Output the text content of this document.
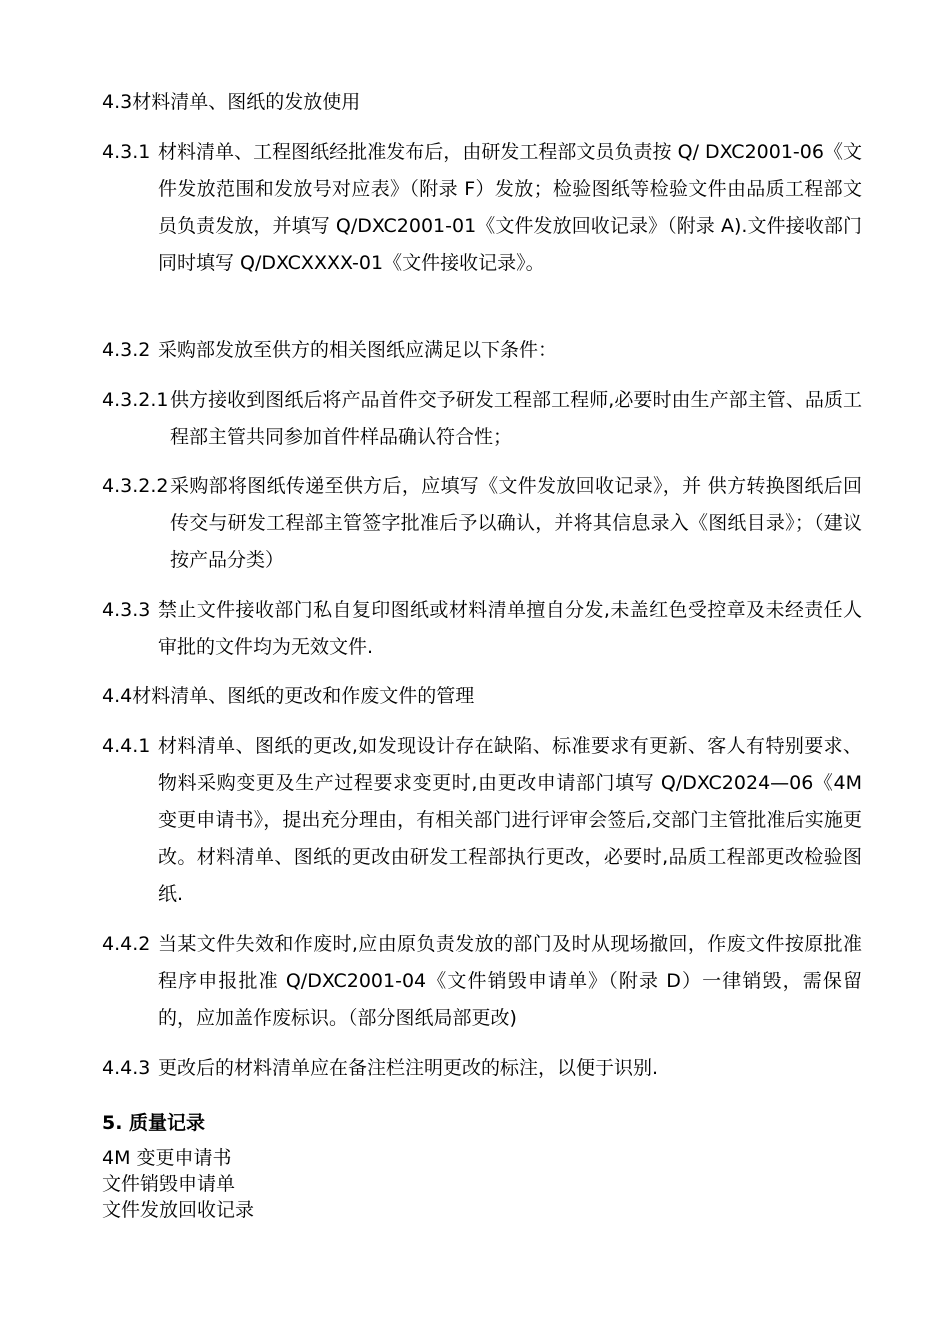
4.3材料清单、图纸的发放使用
4.3.1 材料清单、工程图纸经批准发布后，由研发工程部文员负责按 Q/ DXC2001-06《文件发放范围和发放号对应表》（附录 F）发放；检验图纸等检验文件由品质工程部文员负责发放，并填写 Q/DXC2001-01《文件发放回收记录》（附录 A).文件接收部门同时填写 Q/DXCXXXX-01《文件接收记录》。
4.3.2 采购部发放至供方的相关图纸应满足以下条件：
4.3.2.1 供方接收到图纸后将产品首件交予研发工程部工程师,必要时由生产部主管、品质工程部主管共同参加首件样品确认符合性；
4.3.2.2 采购部将图纸传递至供方后，应填写《文件发放回收记录》，并 供方转换图纸后回传交与研发工程部主管签字批准后予以确认，并将其信息录入《图纸目录》；（建议按产品分类）
4.3.3 禁止文件接收部门私自复印图纸或材料清单擅自分发,未盖红色受控章及未经责任人审批的文件均为无效文件.
4.4材料清单、图纸的更改和作废文件的管理
4.4.1 材料清单、图纸的更改,如发现设计存在缺陷、标准要求有更新、客人有特别要求、物料采购变更及生产过程要求变更时,由更改申请部门填写 Q/DXC2024—06《4M 变更申请书》，提出充分理由，有相关部门进行评审会签后,交部门主管批准后实施更改。材料清单、图纸的更改由研发工程部执行更改，必要时,品质工程部更改检验图纸.
4.4.2 当某文件失效和作废时,应由原负责发放的部门及时从现场撤回，作废文件按原批准程序申报批准 Q/DXC2001-04《文件销毁申请单》（附录 D）一律销毁，需保留的，应加盖作废标识。（部分图纸局部更改)
4.4.3 更改后的材料清单应在备注栏注明更改的标注，以便于识别.
5. 质量记录
4M 变更申请书
文件销毁申请单
文件发放回收记录
